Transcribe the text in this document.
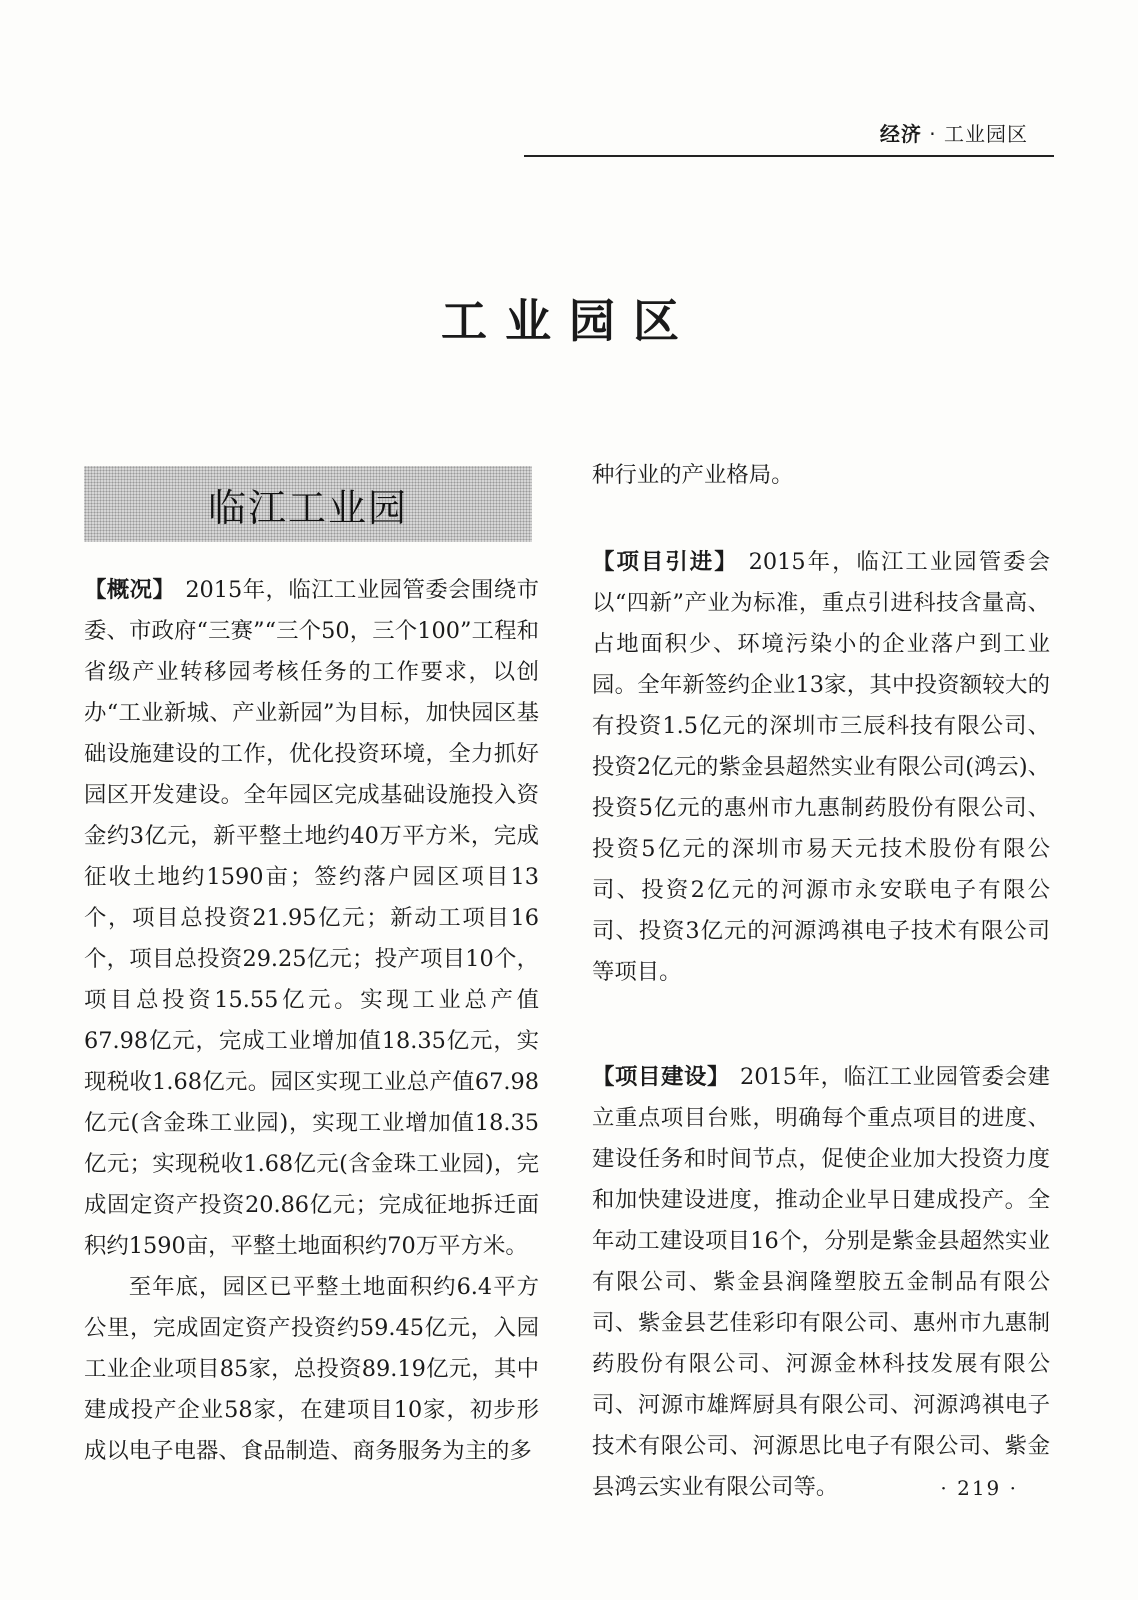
经济 · 工业园区
工业园区
临江工业园

【概况】 2015年，临江工业园管委会围绕市委、市政府“三赛”“三个50，三个100”工程和省级产业转移园考核任务的工作要求，以创办“工业新城、产业新园”为目标，加快园区基础设施建设的工作，优化投资环境，全力抓好园区开发建设。全年园区完成基础设施投入资金约3亿元，新平整土地约40万平方米，完成征收土地约1590亩；签约落户园区项目13个，项目总投资21.95亿元；新动工项目16个，项目总投资29.25亿元；投产项目10个，项目总投资15.55亿元。实现工业总产值67.98亿元，完成工业增加值18.35亿元，实现税收1.68亿元。园区实现工业总产值67.98亿元(含金珠工业园)，实现工业增加值18.35亿元；实现税收1.68亿元(含金珠工业园)，完成固定资产投资20.86亿元；完成征地拆迁面积约1590亩，平整土地面积约70万平方米。

至年底，园区已平整土地面积约6.4平方公里，完成固定资产投资约59.45亿元，入园工业企业项目85家，总投资89.19亿元，其中建成投产企业58家，在建项目10家，初步形成以电子电器、食品制造、商务服务为主的多

种行业的产业格局。

【项目引进】 2015年，临江工业园管委会以“四新”产业为标准，重点引进科技含量高、占地面积少、环境污染小的企业落户到工业园。全年新签约企业13家，其中投资额较大的有投资1.5亿元的深圳市三辰科技有限公司、投资2亿元的紫金县超然实业有限公司(鸿云)、投资5亿元的惠州市九惠制药股份有限公司、投资5亿元的深圳市易天元技术股份有限公司、投资2亿元的河源市永安联电子有限公司、投资3亿元的河源鸿祺电子技术有限公司等项目。

【项目建设】 2015年，临江工业园管委会建立重点项目台账，明确每个重点项目的进度、建设任务和时间节点，促使企业加大投资力度和加快建设进度，推动企业早日建成投产。全年动工建设项目16个，分别是紫金县超然实业有限公司、紫金县润隆塑胶五金制品有限公司、紫金县艺佳彩印有限公司、惠州市九惠制药股份有限公司、河源金林科技发展有限公司、河源市雄辉厨具有限公司、河源鸿祺电子技术有限公司、河源思比电子有限公司、紫金县鸿云实业有限公司等。	· 219 ·
